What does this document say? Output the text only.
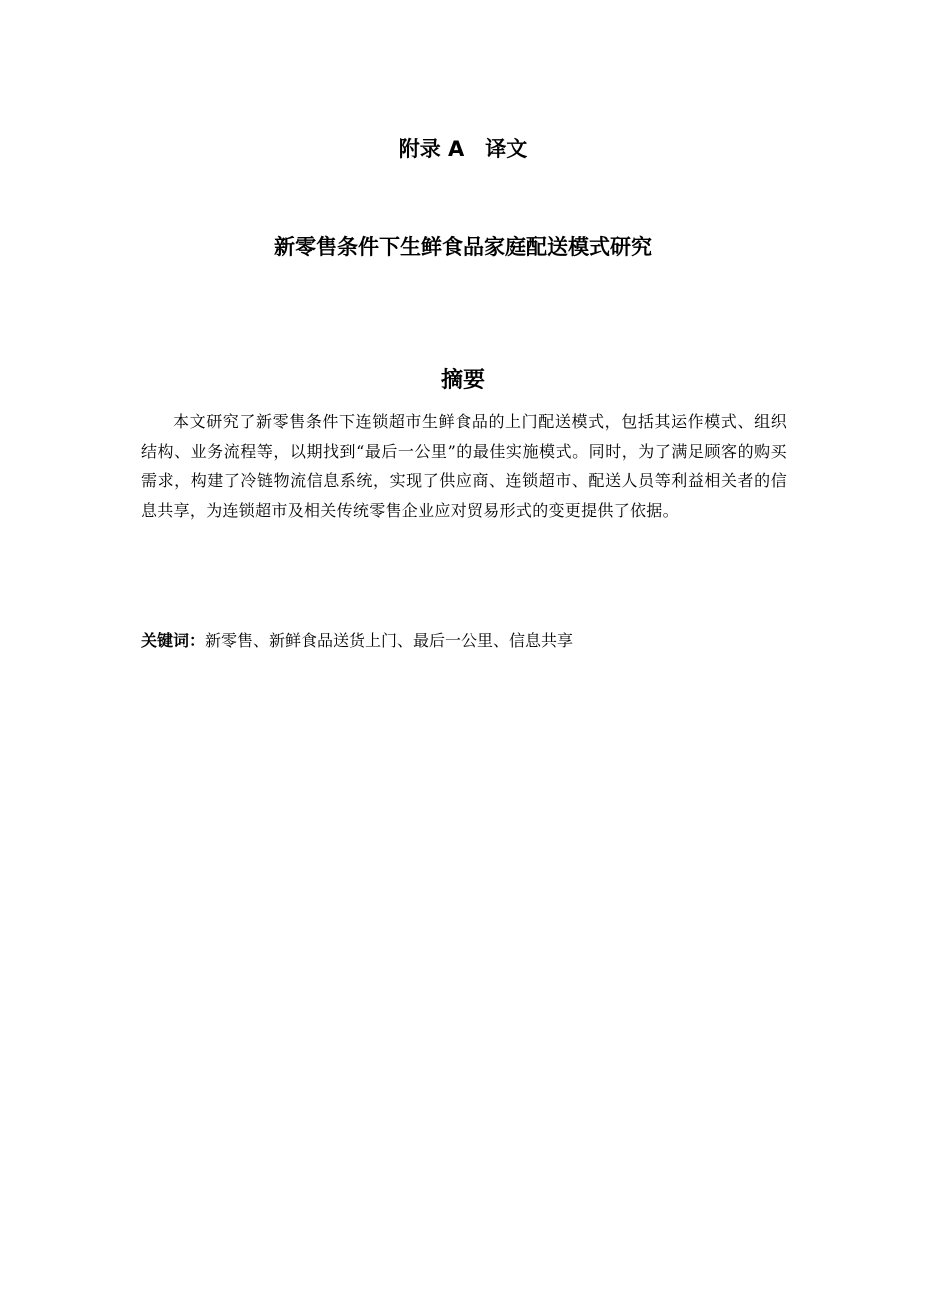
附录 A　译文
新零售条件下生鲜食品家庭配送模式研究
摘要

本文研究了新零售条件下连锁超市生鲜食品的上门配送模式，包括其运作模式、组织结构、业务流程等，以期找到“最后一公里”的最佳实施模式。同时，为了满足顾客的购买需求，构建了冷链物流信息系统，实现了供应商、连锁超市、配送人员等利益相关者的信息共享，为连锁超市及相关传统零售企业应对贸易形式的变更提供了依据。

关键词：新零售、新鲜食品送货上门、最后一公里、信息共享
